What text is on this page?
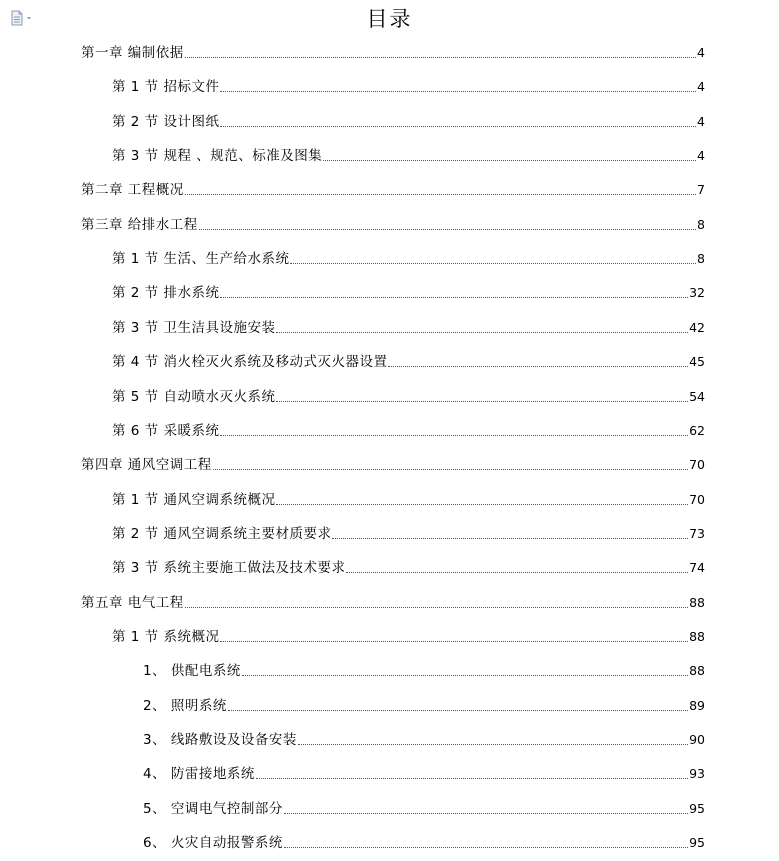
目录
第一章 编制依据	4
第 1 节 招标文件	4
第 2 节 设计图纸	4
第 3 节 规程 、规范、标准及图集	4
第二章 工程概况	7
第三章 给排水工程	8
第 1 节 生活、生产给水系统	8
第 2 节 排水系统	32
第 3 节 卫生洁具设施安装	42
第 4 节 消火栓灭火系统及移动式灭火器设置	45
第 5 节 自动喷水灭火系统	54
第 6 节 采暖系统	62
第四章 通风空调工程	70
第 1 节 通风空调系统概况	70
第 2 节 通风空调系统主要材质要求	73
第 3 节 系统主要施工做法及技术要求	74
第五章 电气工程	88
第 1 节 系统概况	88
1、 供配电系统	88
2、 照明系统	89
3、 线路敷设及设备安装	90
4、 防雷接地系统	93
5、 空调电气控制部分	95
6、 火灾自动报警系统	95
